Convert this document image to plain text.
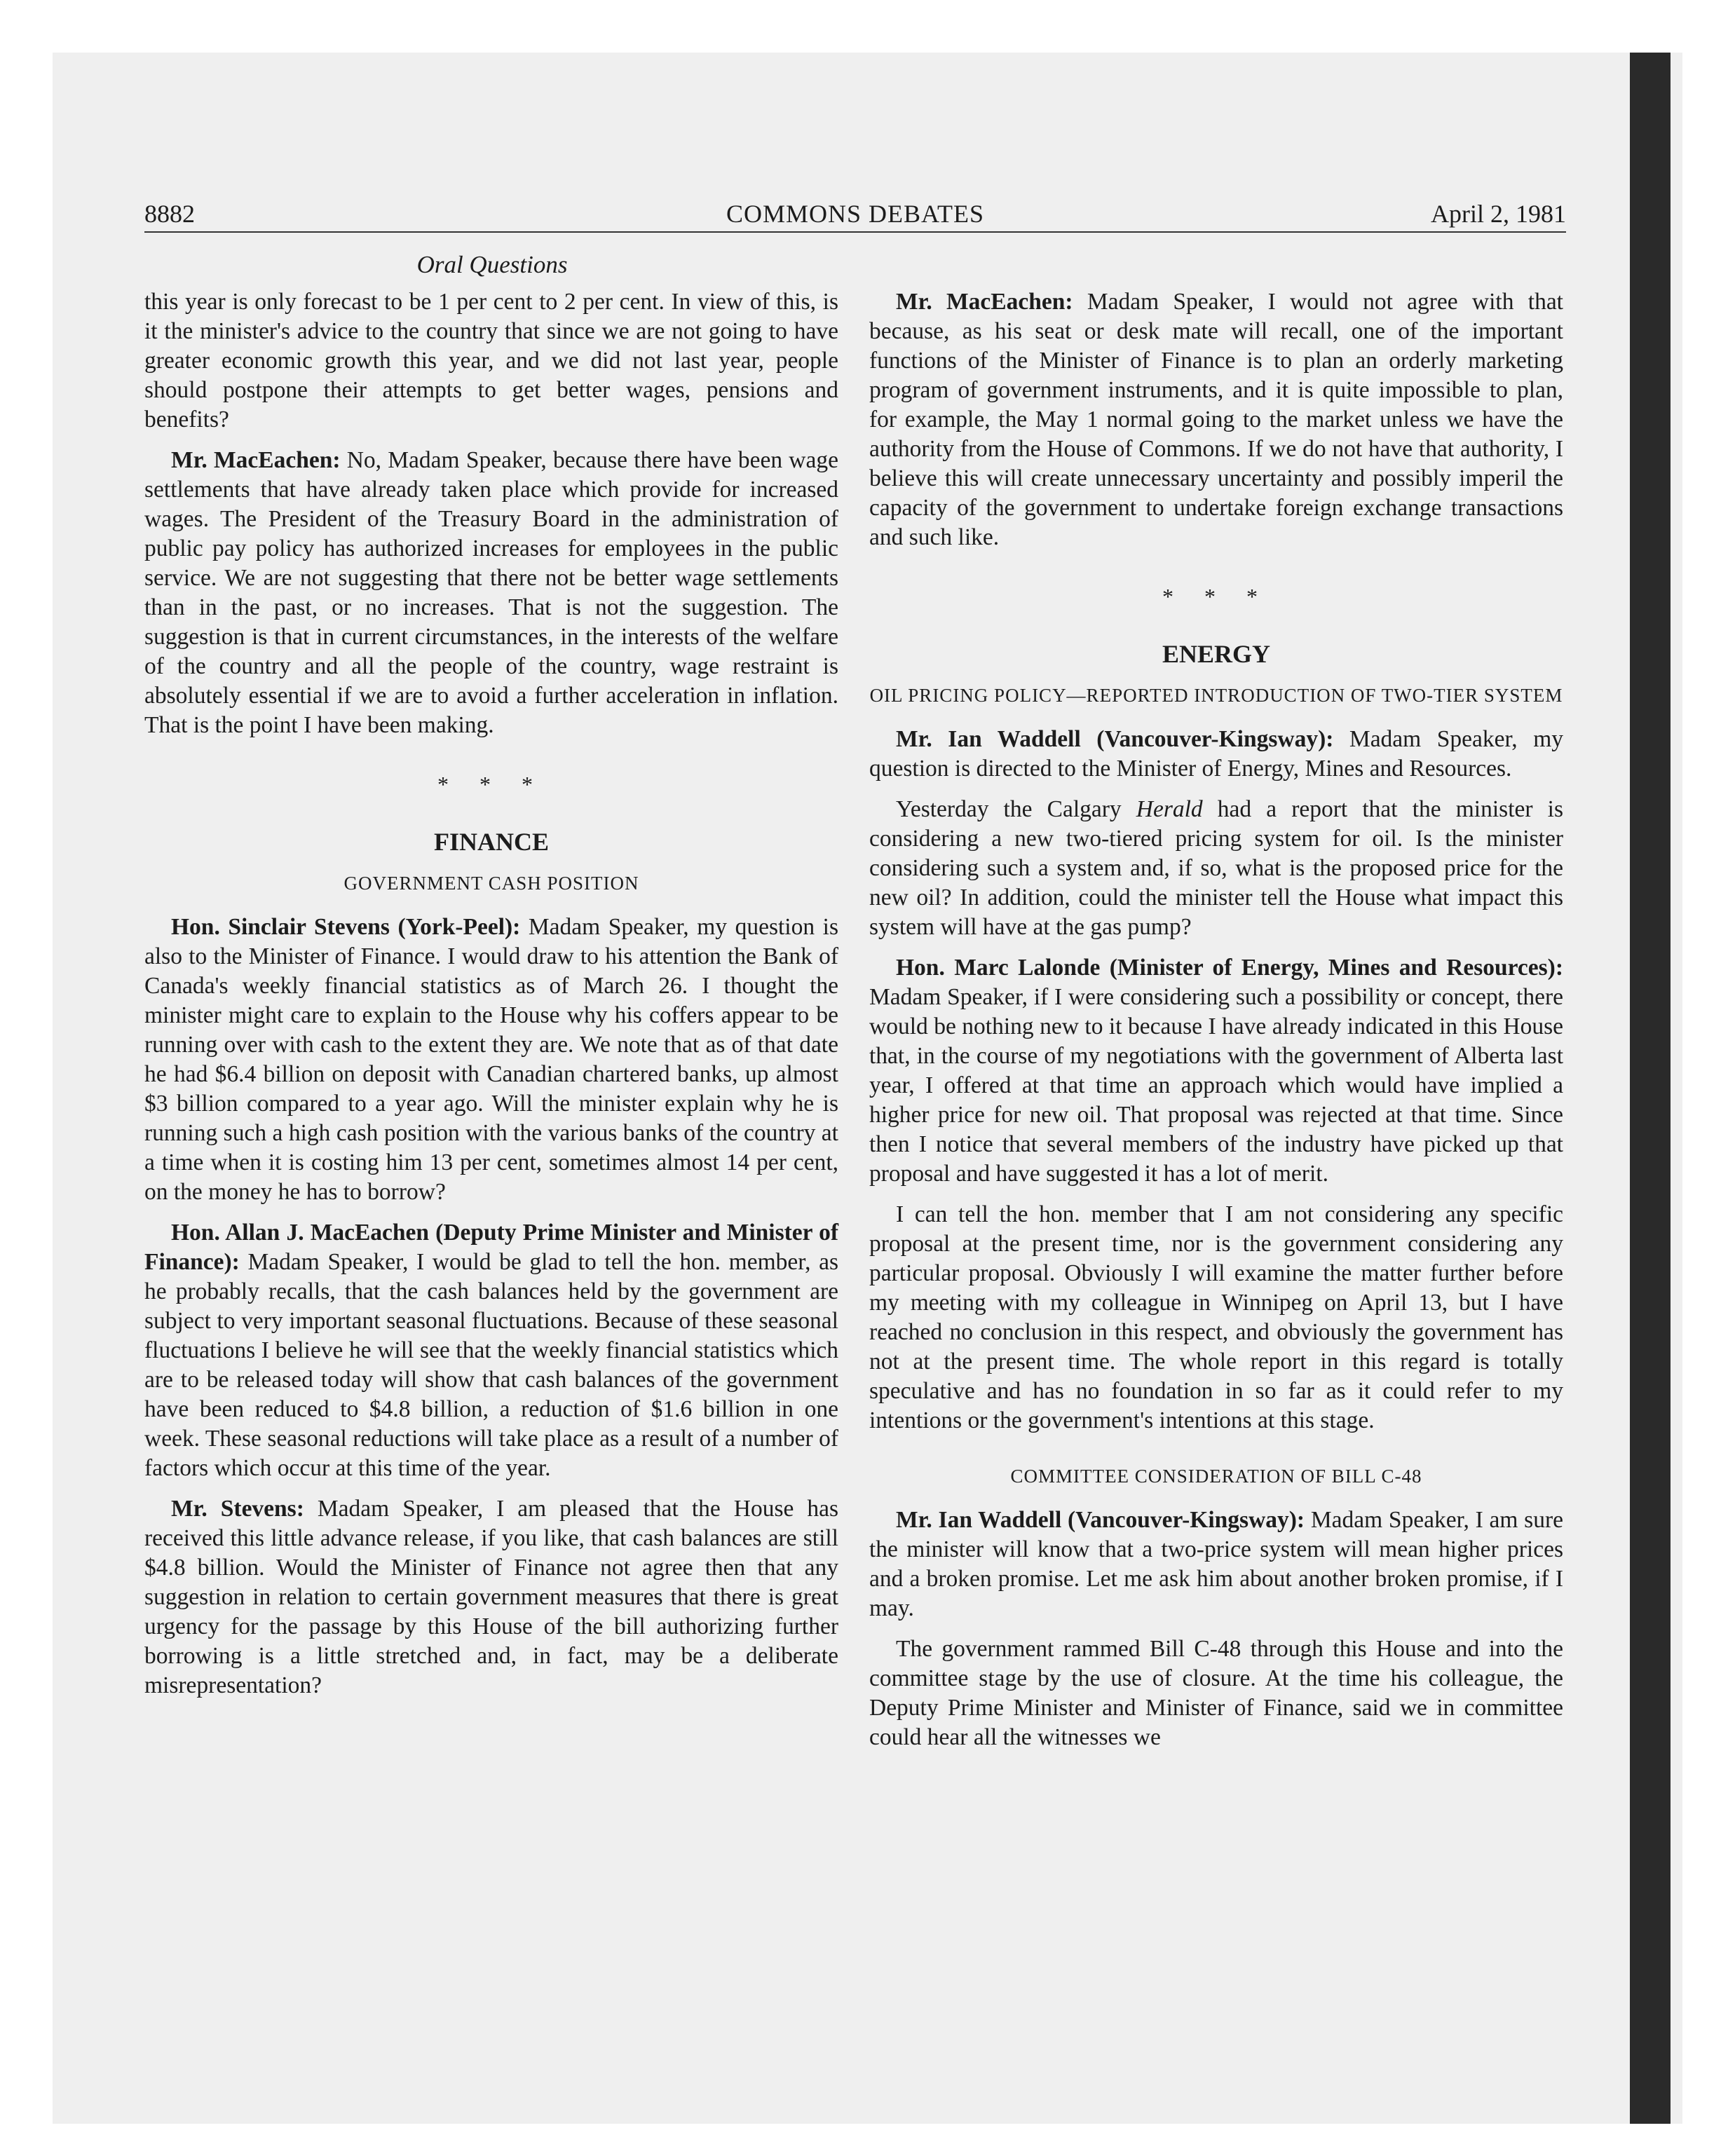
8882	COMMONS DEBATES	April 2, 1981
Oral Questions

this year is only forecast to be 1 per cent to 2 per cent. In view of this, is it the minister's advice to the country that since we are not going to have greater economic growth this year, and we did not last year, people should postpone their attempts to get better wages, pensions and benefits?

Mr. MacEachen: No, Madam Speaker, because there have been wage settlements that have already taken place which provide for increased wages. The President of the Treasury Board in the administration of public pay policy has authorized increases for employees in the public service. We are not suggesting that there not be better wage settlements than in the past, or no increases. That is not the suggestion. The suggestion is that in current circumstances, in the interests of the welfare of the country and all the people of the country, wage restraint is absolutely essential if we are to avoid a further acceleration in inflation. That is the point I have been making.

* * *
FINANCE
GOVERNMENT CASH POSITION

Hon. Sinclair Stevens (York-Peel): Madam Speaker, my question is also to the Minister of Finance. I would draw to his attention the Bank of Canada's weekly financial statistics as of March 26. I thought the minister might care to explain to the House why his coffers appear to be running over with cash to the extent they are. We note that as of that date he had $6.4 billion on deposit with Canadian chartered banks, up almost $3 billion compared to a year ago. Will the minister explain why he is running such a high cash position with the various banks of the country at a time when it is costing him 13 per cent, sometimes almost 14 per cent, on the money he has to borrow?

Hon. Allan J. MacEachen (Deputy Prime Minister and Minister of Finance): Madam Speaker, I would be glad to tell the hon. member, as he probably recalls, that the cash balances held by the government are subject to very important seasonal fluctuations. Because of these seasonal fluctuations I believe he will see that the weekly financial statistics which are to be released today will show that cash balances of the government have been reduced to $4.8 billion, a reduction of $1.6 billion in one week. These seasonal reductions will take place as a result of a number of factors which occur at this time of the year.

Mr. Stevens: Madam Speaker, I am pleased that the House has received this little advance release, if you like, that cash balances are still $4.8 billion. Would the Minister of Finance not agree then that any suggestion in relation to certain government measures that there is great urgency for the passage by this House of the bill authorizing further borrowing is a little stretched and, in fact, may be a deliberate misrepresentation?

Mr. MacEachen: Madam Speaker, I would not agree with that because, as his seat or desk mate will recall, one of the important functions of the Minister of Finance is to plan an orderly marketing program of government instruments, and it is quite impossible to plan, for example, the May 1 normal going to the market unless we have the authority from the House of Commons. If we do not have that authority, I believe this will create unnecessary uncertainty and possibly imperil the capacity of the government to undertake foreign exchange transactions and such like.

* * *
ENERGY
OIL PRICING POLICY—REPORTED INTRODUCTION OF TWO-TIER SYSTEM

Mr. Ian Waddell (Vancouver-Kingsway): Madam Speaker, my question is directed to the Minister of Energy, Mines and Resources.

Yesterday the Calgary Herald had a report that the minister is considering a new two-tiered pricing system for oil. Is the minister considering such a system and, if so, what is the proposed price for the new oil? In addition, could the minister tell the House what impact this system will have at the gas pump?

Hon. Marc Lalonde (Minister of Energy, Mines and Resources): Madam Speaker, if I were considering such a possibility or concept, there would be nothing new to it because I have already indicated in this House that, in the course of my negotiations with the government of Alberta last year, I offered at that time an approach which would have implied a higher price for new oil. That proposal was rejected at that time. Since then I notice that several members of the industry have picked up that proposal and have suggested it has a lot of merit.

I can tell the hon. member that I am not considering any specific proposal at the present time, nor is the government considering any particular proposal. Obviously I will examine the matter further before my meeting with my colleague in Winnipeg on April 13, but I have reached no conclusion in this respect, and obviously the government has not at the present time. The whole report in this regard is totally speculative and has no foundation in so far as it could refer to my intentions or the government's intentions at this stage.

COMMITTEE CONSIDERATION OF BILL C-48

Mr. Ian Waddell (Vancouver-Kingsway): Madam Speaker, I am sure the minister will know that a two-price system will mean higher prices and a broken promise. Let me ask him about another broken promise, if I may.

The government rammed Bill C-48 through this House and into the committee stage by the use of closure. At the time his colleague, the Deputy Prime Minister and Minister of Finance, said we in committee could hear all the witnesses we
